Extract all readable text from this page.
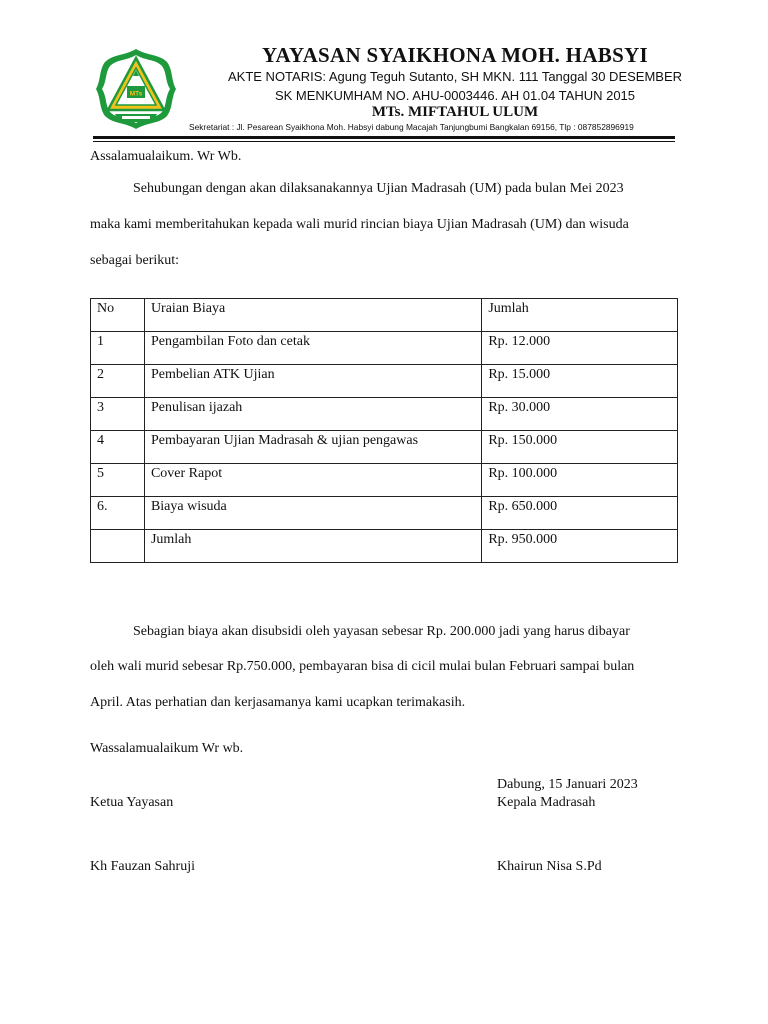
MTs
YAYASAN SYAIKHONA MOH. HABSYI
AKTE NOTARIS: Agung Teguh Sutanto, SH MKN. 111 Tanggal 30 DESEMBER
SK MENKUMHAM NO. AHU-0003446. AH 01.04 TAHUN 2015
MTs. MIFTAHUL ULUM
Sekretariat : Jl. Pesarean Syaikhona Moh. Habsyi dabung Macajah Tanjungbumi Bangkalan 69156, Tlp : 087852896919
Assalamualaikum. Wr Wb.
Sehubungan dengan akan dilaksanakannya Ujian Madrasah (UM) pada bulan Mei 2023
maka kami memberitahukan kepada wali murid rincian biaya Ujian Madrasah (UM) dan wisuda
sebagai berikut:
No	Uraian Biaya	Jumlah
1	Pengambilan Foto dan cetak	Rp. 12.000
2	Pembelian ATK Ujian	Rp. 15.000
3	Penulisan ijazah	Rp. 30.000
4	Pembayaran Ujian Madrasah & ujian pengawas	Rp. 150.000
5	Cover Rapot	Rp. 100.000
6.	Biaya wisuda	Rp. 650.000
	Jumlah	Rp. 950.000
Sebagian biaya akan disubsidi oleh yayasan sebesar Rp. 200.000 jadi yang harus dibayar
oleh wali murid sebesar Rp.750.000, pembayaran bisa di cicil mulai bulan Februari sampai bulan
April. Atas perhatian dan kerjasamanya kami ucapkan terimakasih.
Wassalamualaikum Wr wb.
Dabung, 15 Januari 2023
Ketua Yayasan	Kepala Madrasah
Kh Fauzan Sahruji	Khairun Nisa S.Pd
